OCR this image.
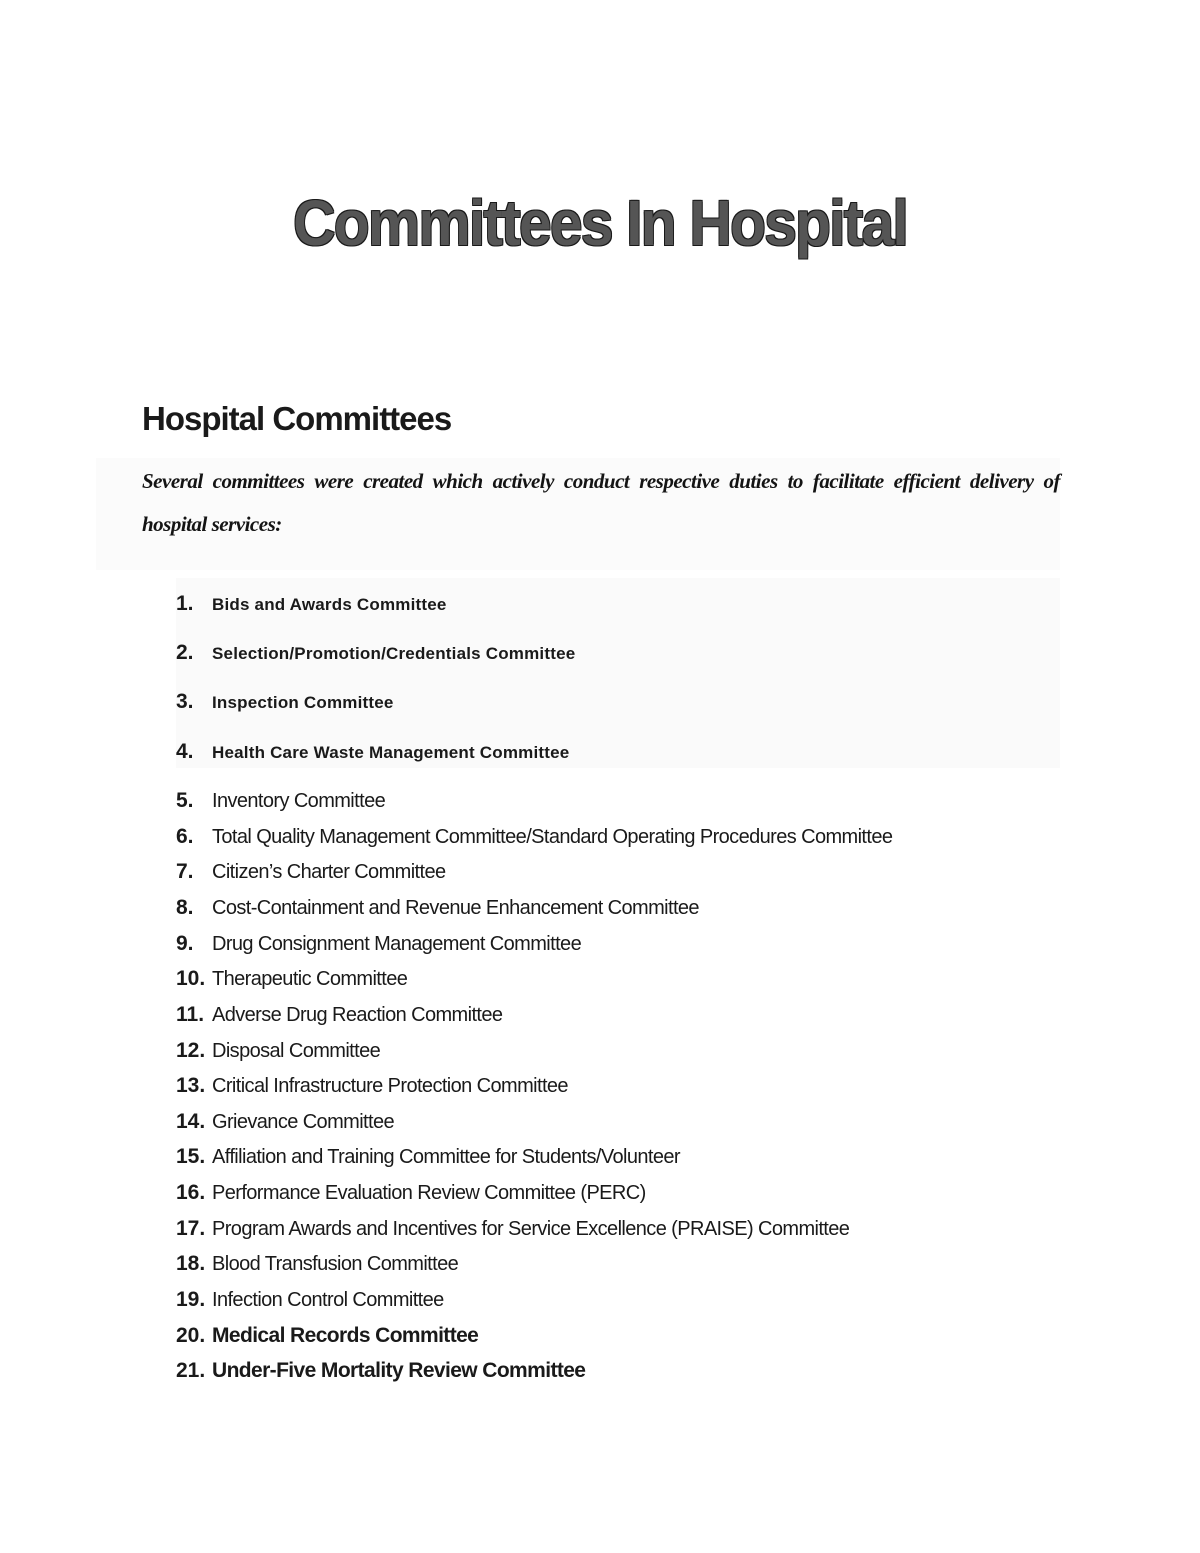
Committees In Hospital
Hospital Committees

Several committees were created which actively conduct respective duties to facilitate efficient delivery of hospital services:

1. Bids and Awards Committee
2. Selection/Promotion/Credentials Committee
3. Inspection Committee
4. Health Care Waste Management Committee
5. Inventory Committee
6. Total Quality Management Committee/Standard Operating Procedures Committee
7. Citizen’s Charter Committee
8. Cost-Containment and Revenue Enhancement Committee
9. Drug Consignment Management Committee
10. Therapeutic Committee
11. Adverse Drug Reaction Committee
12. Disposal Committee
13. Critical Infrastructure Protection Committee
14. Grievance Committee
15. Affiliation and Training Committee for Students/Volunteer
16. Performance Evaluation Review Committee (PERC)
17. Program Awards and Incentives for Service Excellence (PRAISE) Committee
18. Blood Transfusion Committee
19. Infection Control Committee
20. Medical Records Committee
21. Under-Five Mortality Review Committee
